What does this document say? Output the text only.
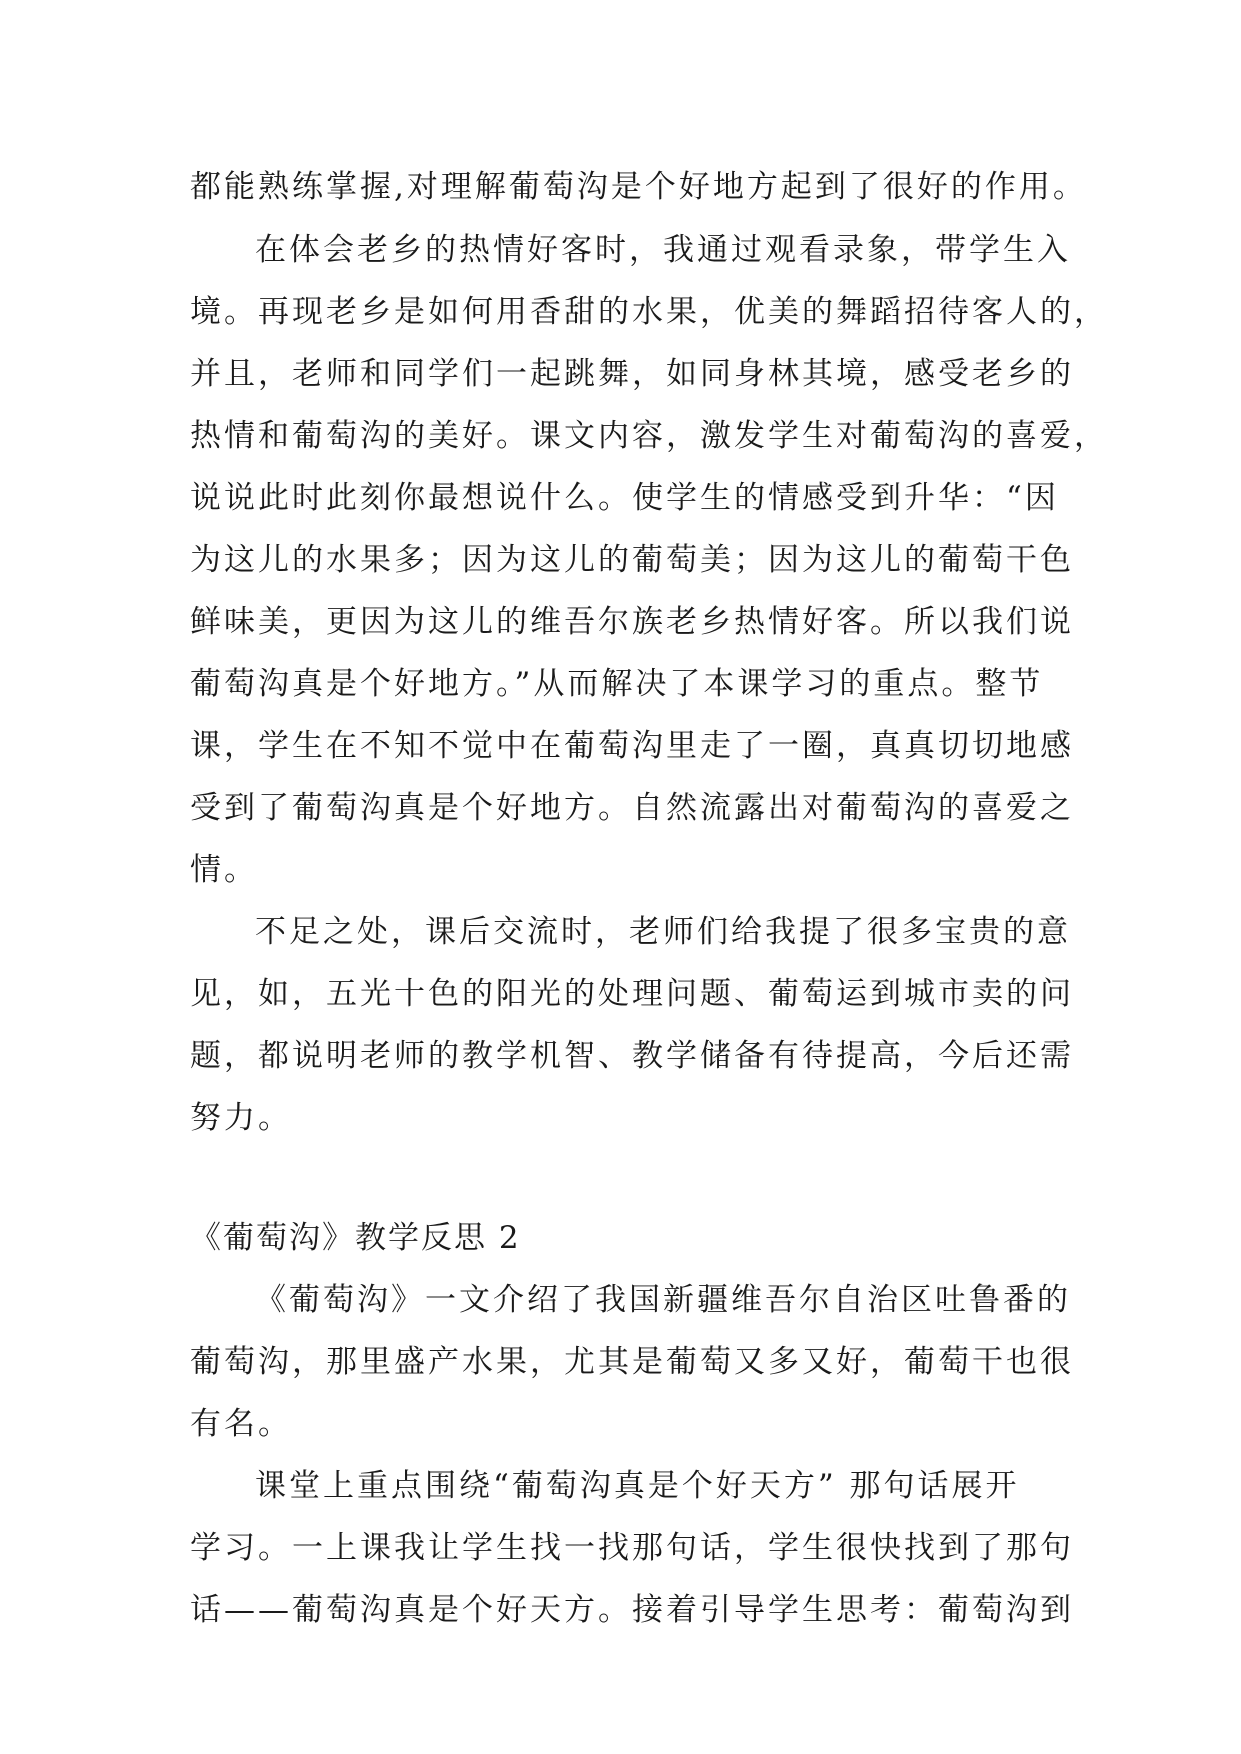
都能熟练掌握,对理解葡萄沟是个好地方起到了很好的作用。
在体会老乡的热情好客时，我通过观看录象，带学生入
境。再现老乡是如何用香甜的水果，优美的舞蹈招待客人的，
并且，老师和同学们一起跳舞，如同身林其境，感受老乡的
热情和葡萄沟的美好。课文内容，激发学生对葡萄沟的喜爱，
说说此时此刻你最想说什么。使学生的情感受到升华：“因
为这儿的水果多；因为这儿的葡萄美；因为这儿的葡萄干色
鲜味美，更因为这儿的维吾尔族老乡热情好客。所以我们说
葡萄沟真是个好地方。”从而解决了本课学习的重点。整节
课，学生在不知不觉中在葡萄沟里走了一圈，真真切切地感
受到了葡萄沟真是个好地方。自然流露出对葡萄沟的喜爱之
情。
不足之处，课后交流时，老师们给我提了很多宝贵的意
见，如，五光十色的阳光的处理问题、葡萄运到城市卖的问
题，都说明老师的教学机智、教学储备有待提高，今后还需
努力。
《葡萄沟》教学反思 2
《葡萄沟》一文介绍了我国新疆维吾尔自治区吐鲁番的
葡萄沟，那里盛产水果，尤其是葡萄又多又好，葡萄干也很
有名。
课堂上重点围绕“葡萄沟真是个好天方” 那句话展开
学习。一上课我让学生找一找那句话，学生很快找到了那句
话——葡萄沟真是个好天方。接着引导学生思考：葡萄沟到
